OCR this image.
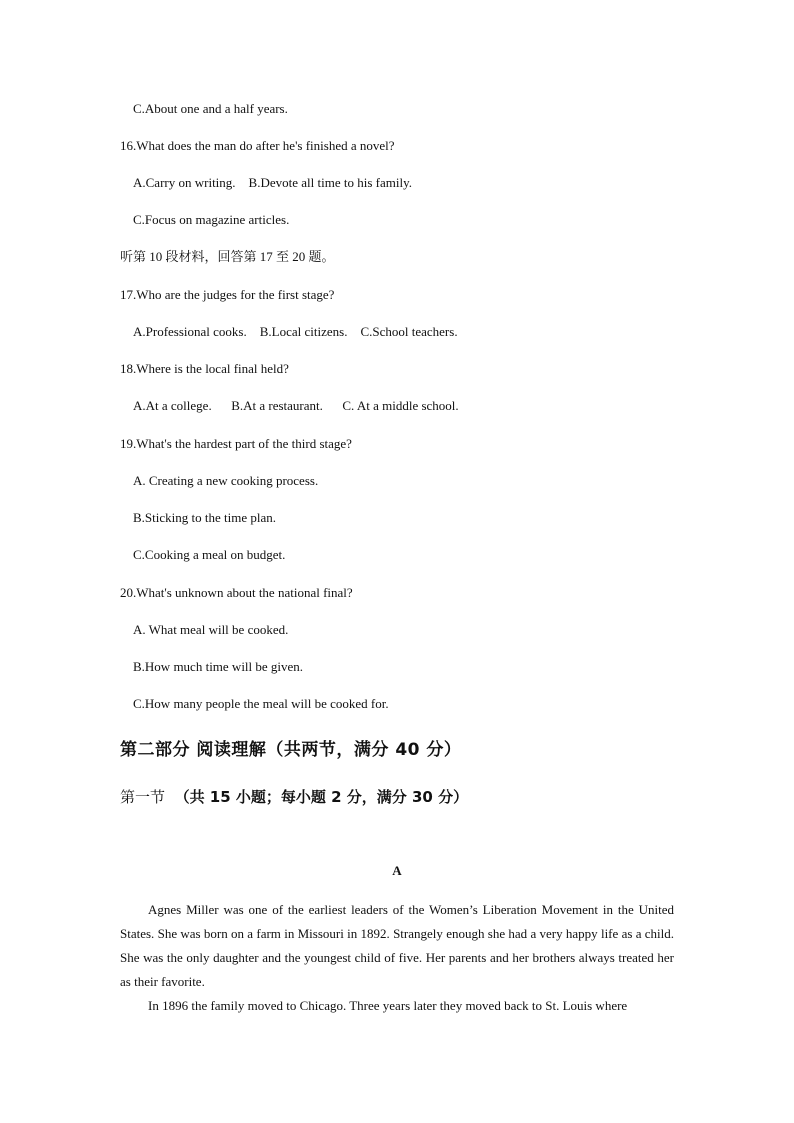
C.About one and a half years.
16.What does the man do after he's finished a novel?
A.Carry on writing.    B.Devote all time to his family.
C.Focus on magazine articles.
听第 10 段材料，回答第 17 至 20 题。
17.Who are the judges for the first stage?
A.Professional cooks.    B.Local citizens.    C.School teachers.
18.Where is the local final held?
A.At a college.      B.At a restaurant.      C. At a middle school.
19.What's the hardest part of the third stage?
A. Creating a new cooking process.
B.Sticking to the time plan.
C.Cooking a meal on budget.
20.What's unknown about the national final?
A. What meal will be cooked.
B.How much time will be given.
C.How many people the meal will be cooked for.
第二部分 阅读理解（共两节，满分 40 分）
第一节 （共 15 小题；每小题 2 分，满分 30 分）
A

Agnes Miller was one of the earliest leaders of the Women’s Liberation Movement in the United States. She was born on a farm in Missouri in 1892. Strangely enough she had a very happy life as a child. She was the only daughter and the youngest child of five. Her parents and her brothers always treated her as their favorite.

In 1896 the family moved to Chicago. Three years later they moved back to St. Louis where
